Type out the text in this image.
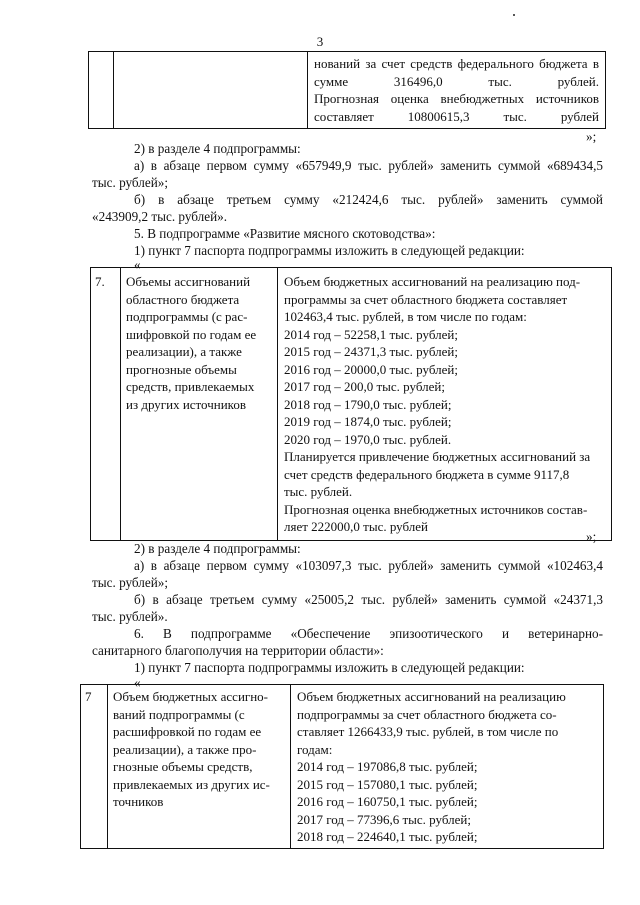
3

нований за счет средств федерального бюджета в сумме 316496,0 тыс. рублей.
Прогнозная оценка внебюджетных источников составляет 10800615,3 тыс. рублей
»;
2) в разделе 4 подпрограммы:
а) в абзаце первом сумму «657949,9 тыс. рублей» заменить суммой «689434,5
тыс. рублей»;
б) в абзаце третьем сумму «212424,6 тыс. рублей» заменить суммой
«243909,2 тыс. рублей».
5. В подпрограмме «Развитие мясного скотоводства»:
1) пункт 7 паспорта подпрограммы изложить в следующей редакции:
«
7.	Объемы ассигнований
областного бюджета
подпрограммы (с рас-
шифровкой по годам ее
реализации), а также
прогнозные объемы
средств, привлекаемых
из других источников

Объем бюджетных ассигнований на реализацию под-
программы за счет областного бюджета составляет
102463,4 тыс. рублей, в том числе по годам:
2014 год – 52258,1 тыс. рублей;
2015 год – 24371,3 тыс. рублей;
2016 год – 20000,0 тыс. рублей;
2017 год – 200,0 тыс. рублей;
2018 год – 1790,0 тыс. рублей;
2019 год – 1874,0 тыс. рублей;
2020 год – 1970,0 тыс. рублей.
Планируется привлечение бюджетных ассигнований за
счет средств федерального бюджета в сумме 9117,8
тыс. рублей.
Прогнозная оценка внебюджетных источников состав-
ляет 222000,0 тыс. рублей
»;
2) в разделе 4 подпрограммы:
а) в абзаце первом сумму «103097,3 тыс. рублей» заменить суммой «102463,4
тыс. рублей»;
б) в абзаце третьем сумму «25005,2 тыс. рублей» заменить суммой «24371,3
тыс. рублей».
6. В подпрограмме «Обеспечение эпизоотического и ветеринарно-
санитарного благополучия на территории области»:
1) пункт 7 паспорта подпрограммы изложить в следующей редакции:
«
7	Объем бюджетных ассигно-
ваний подпрограммы (с
расшифровкой по годам ее
реализации), а также про-
гнозные объемы средств,
привлекаемых из других ис-
точников

Объем бюджетных ассигнований на реализацию
подпрограммы за счет областного бюджета со-
ставляет 1266433,9 тыс. рублей, в том числе по
годам:
2014 год – 197086,8 тыс. рублей;
2015 год – 157080,1 тыс. рублей;
2016 год – 160750,1 тыс. рублей;
2017 год – 77396,6 тыс. рублей;
2018 год – 224640,1 тыс. рублей;
